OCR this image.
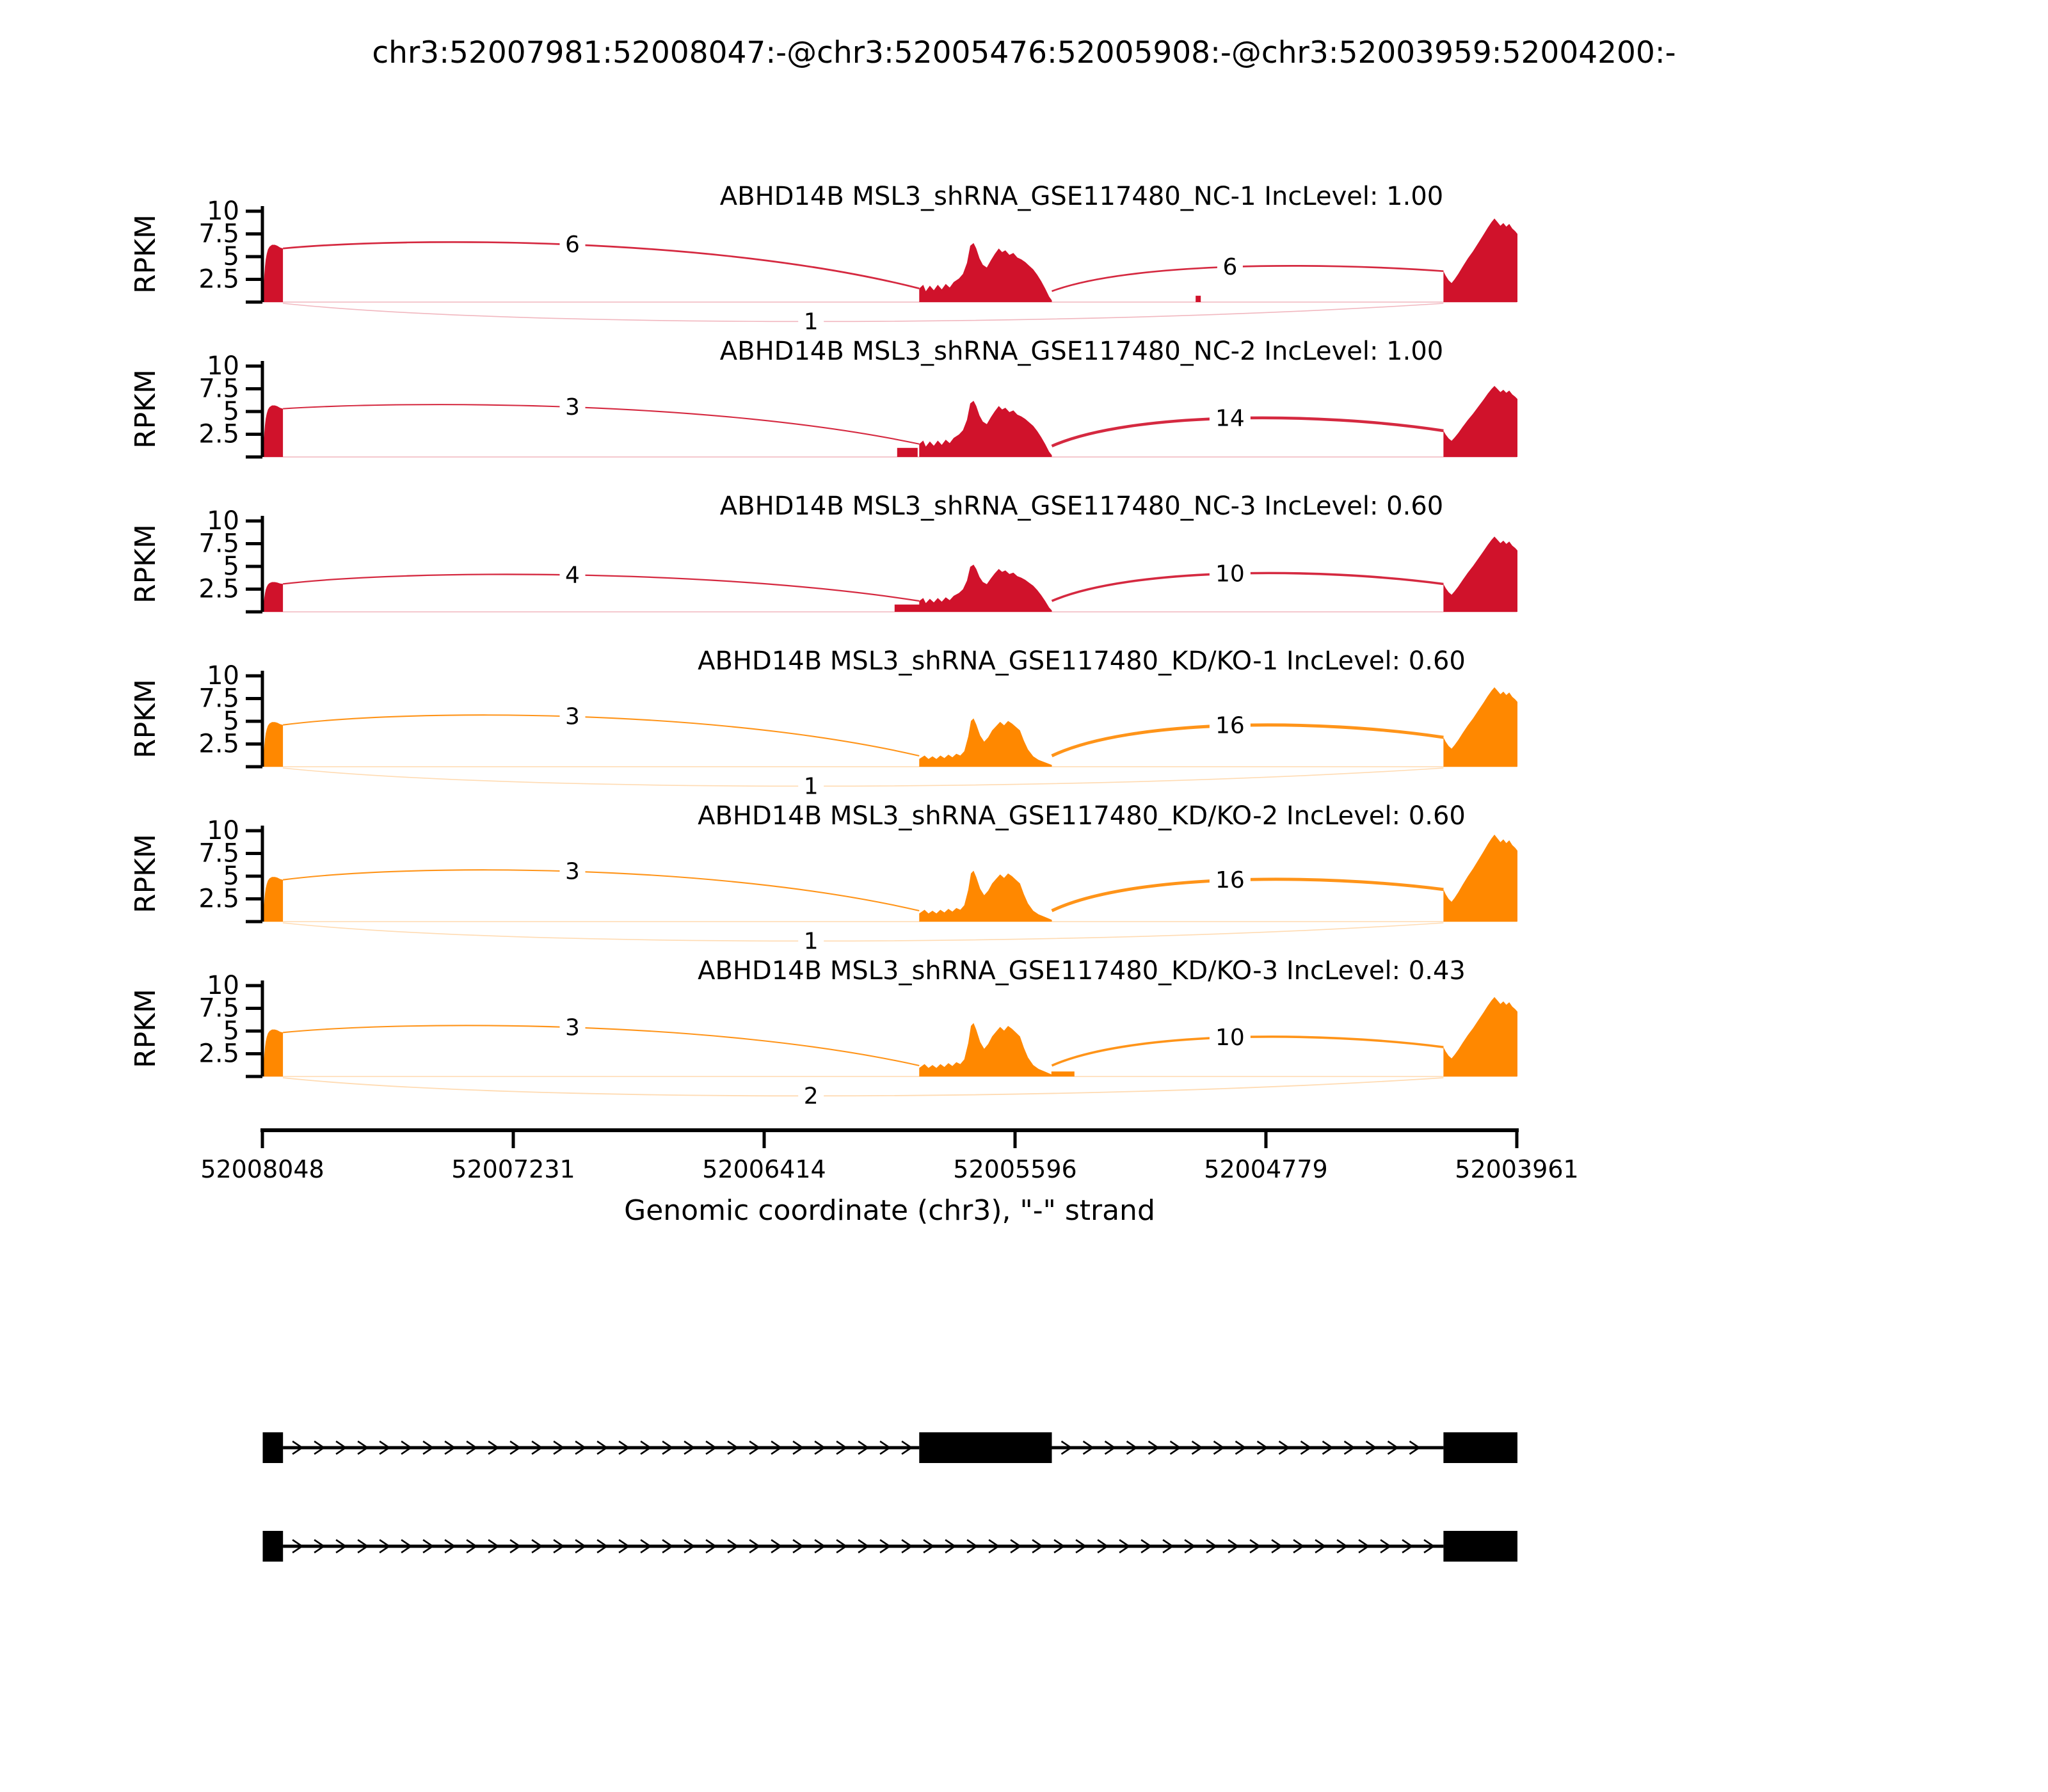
chr3:52007981:52008047:-@chr3:52005476:52005908:-@chr3:52003959:52004200:-
6
6
1
2.5
5
7.5
10
RPKM
ABHD14B MSL3_shRNA_GSE117480_NC-1 IncLevel: 1.00
3	14
2.5
5
7.5
10
RPKM
ABHD14B MSL3_shRNA_GSE117480_NC-2 IncLevel: 1.00
4	10
2.5
5
7.5
10
RPKM
ABHD14B MSL3_shRNA_GSE117480_NC-3 IncLevel: 0.60
3	16
1
2.5
5
7.5
10
RPKM
ABHD14B MSL3_shRNA_GSE117480_KD/KO-1 IncLevel: 0.60
3	16
1
2.5
5
7.5
10
RPKM
ABHD14B MSL3_shRNA_GSE117480_KD/KO-2 IncLevel: 0.60
3	10
2
2.5
5
7.5
10
RPKM
ABHD14B MSL3_shRNA_GSE117480_KD/KO-3 IncLevel: 0.43
52008048	52007231	52006414	52005596	52004779	52003961
Genomic coordinate (chr3), "-" strand
